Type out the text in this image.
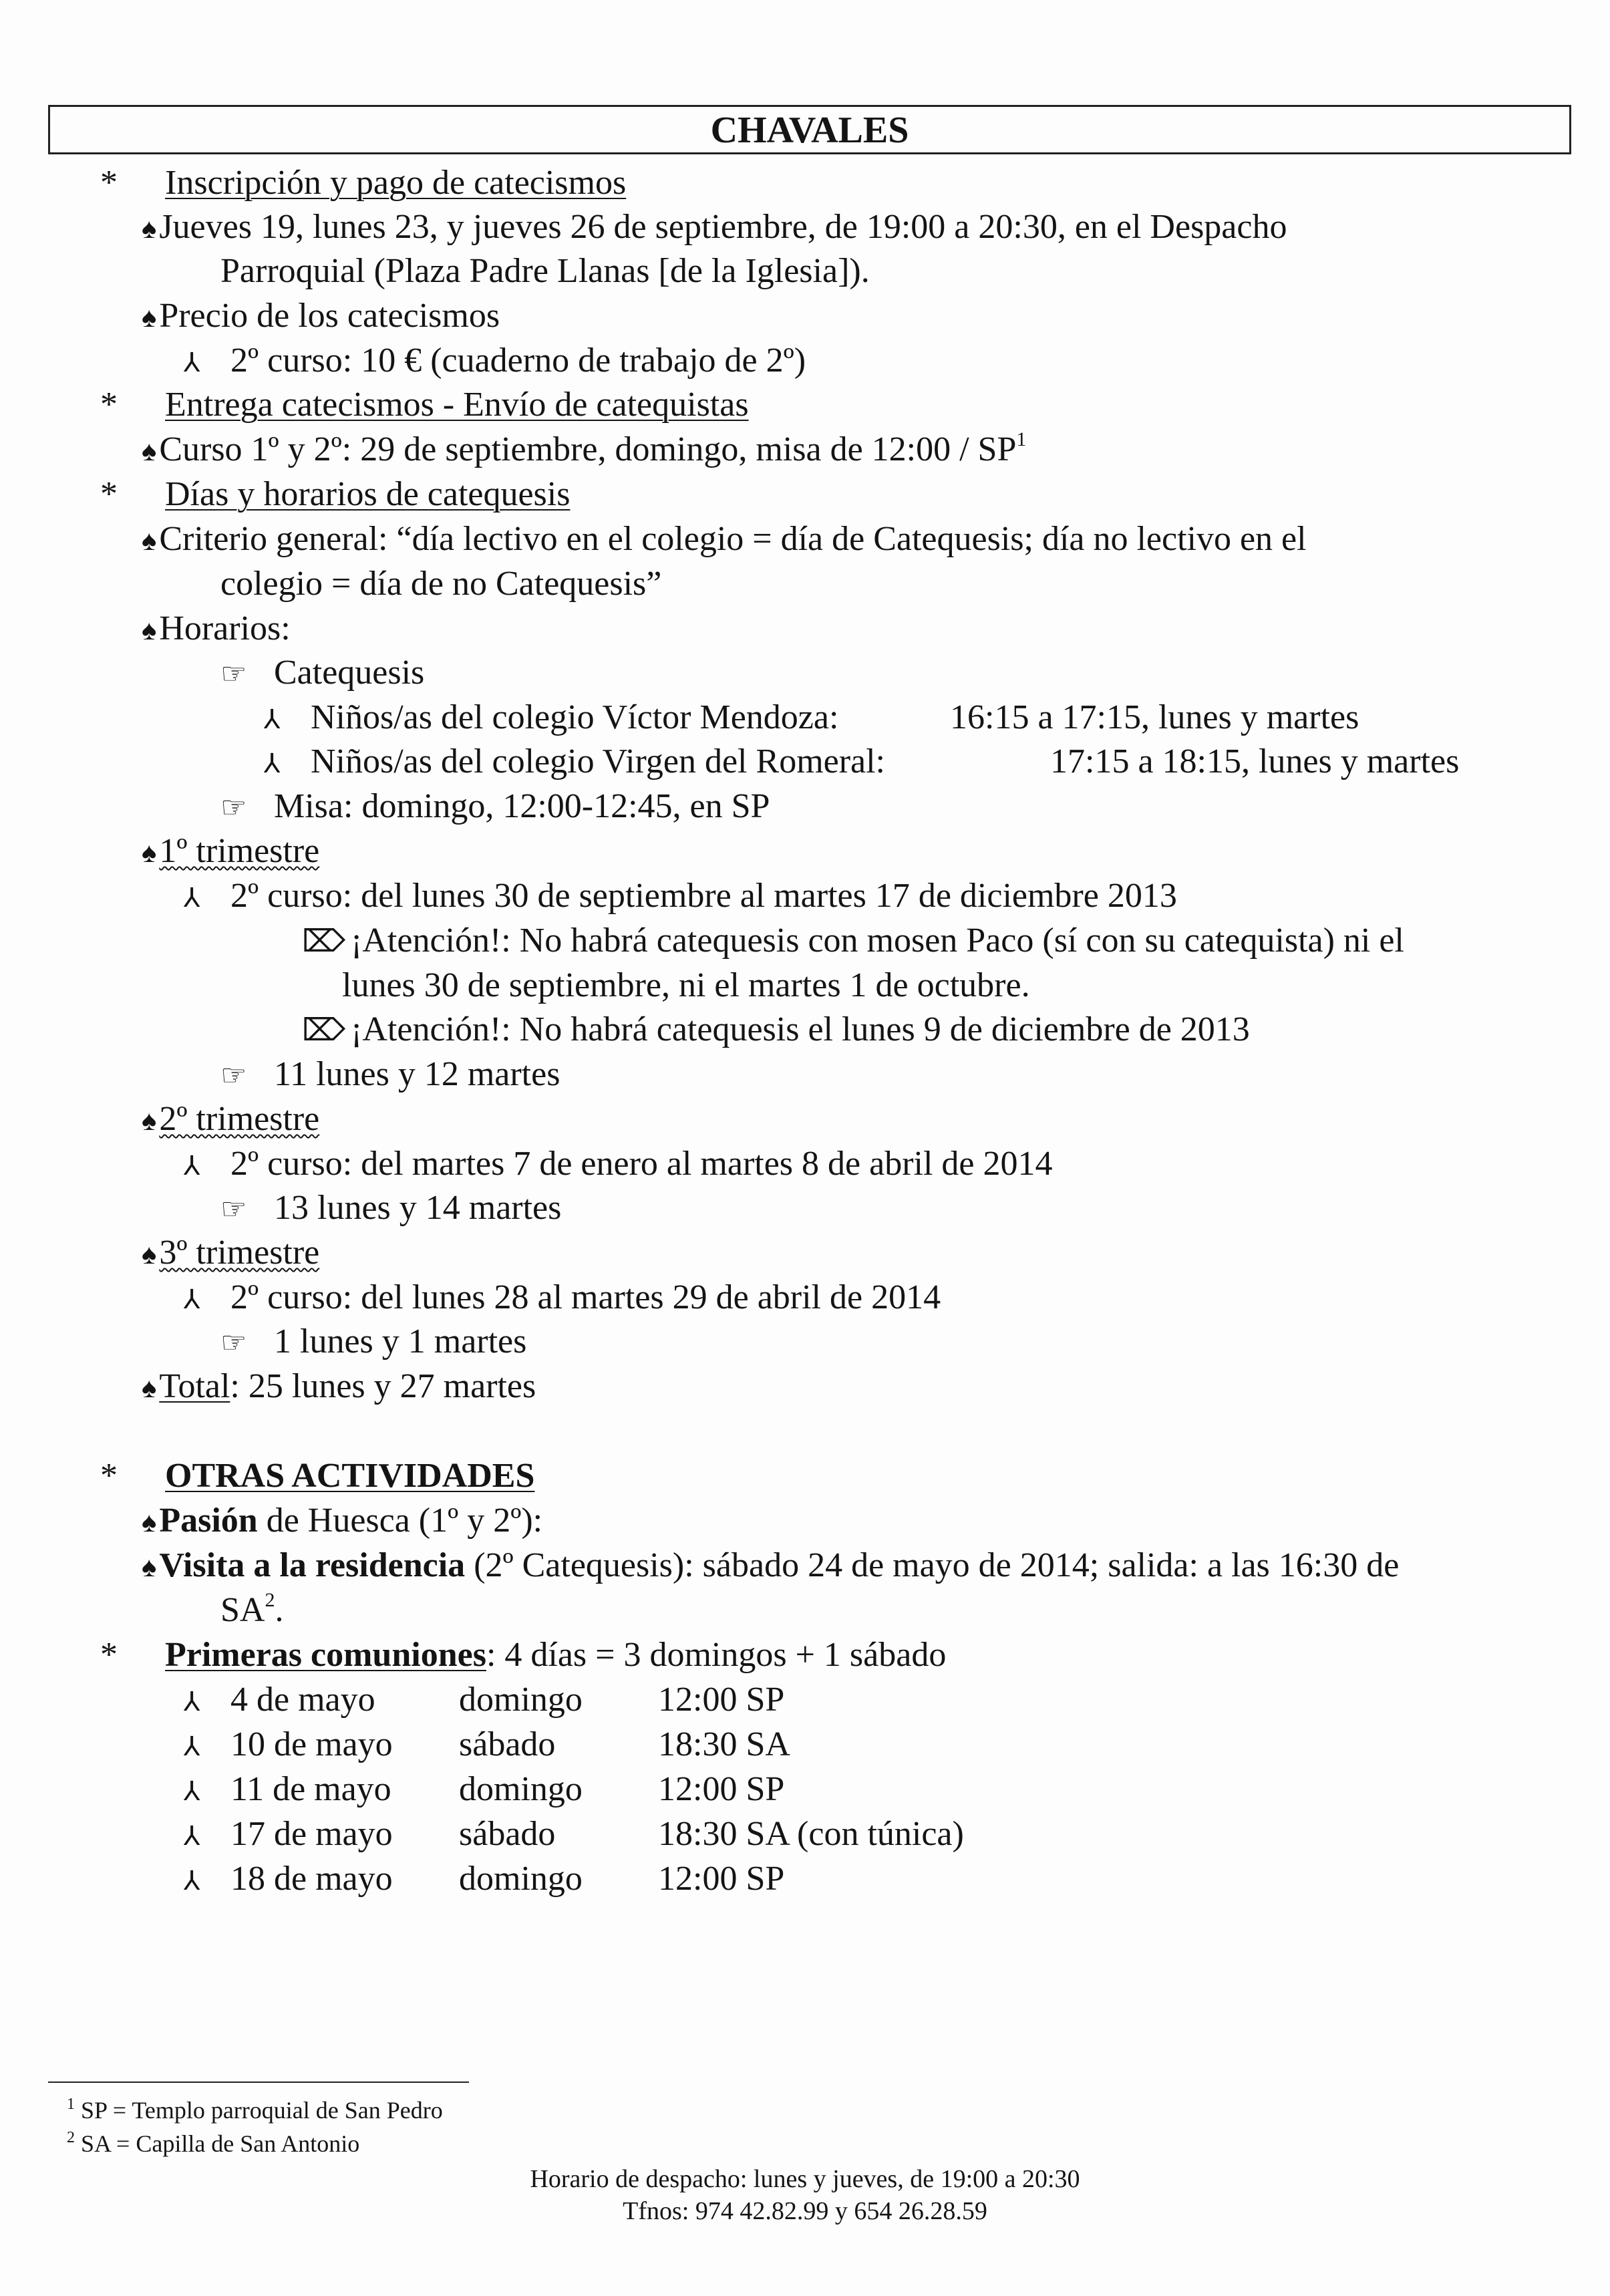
CHAVALES
* Inscripción y pago de catecismos
♠Jueves 19, lunes 23, y jueves 26 de septiembre, de 19:00 a 20:30, en el Despacho
Parroquial (Plaza Padre Llanas [de la Iglesia]).
♠Precio de los catecismos
⅄ 2º curso: 10 € (cuaderno de trabajo de 2º)
* Entrega catecismos - Envío de catequistas
♠Curso 1º y 2º: 29 de septiembre, domingo, misa de 12:00 / $SP^1$
* Días y horarios de catequesis
♠Criterio general: “día lectivo en el colegio = día de Catequesis; día no lectivo en el
colegio = día de no Catequesis”
♠Horarios:
☞ Catequesis
⅄ Niños/as del colegio Víctor Mendoza:	16:15 a 17:15, lunes y martes
⅄ Niños/as del colegio Virgen del Romeral:	17:15 a 18:15, lunes y martes
☞ Misa: domingo, 12:00-12:45, en SP
♠1º trimestre
⅄ 2º curso: del lunes 30 de septiembre al martes 17 de diciembre 2013
⌦ ¡Atención!: No habrá catequesis con mosen Paco (sí con su catequista) ni el
lunes 30 de septiembre, ni el martes 1 de octubre.
⌦ ¡Atención!: No habrá catequesis el lunes 9 de diciembre de 2013
☞ 11 lunes y 12 martes
♠2º trimestre
⅄ 2º curso: del martes 7 de enero al martes 8 de abril de 2014
☞ 13 lunes y 14 martes
♠3º trimestre
⅄ 2º curso: del lunes 28 al martes 29 de abril de 2014
☞ 1 lunes y 1 martes
♠Total: 25 lunes y 27 martes
* OTRAS ACTIVIDADES
♠Pasión de Huesca (1º y 2º):
♠Visita a la residencia (2º Catequesis): sábado 24 de mayo de 2014; salida: a las 16:30 de
$SA^2$.
* Primeras comuniones: 4 días = 3 domingos + 1 sábado
⅄ 4 de mayo domingo 12:00 SP
⅄ 10 de mayo sábado	18:30 SA
⅄ 11 de mayo domingo 12:00 SP
⅄ 17 de mayo sábado	18:30 SA (con túnica)
⅄ 18 de mayo domingo 12:00 SP
$^1$ SP = Templo parroquial de San Pedro
$^2$ SA = Capilla de San Antonio
Horario de despacho: lunes y jueves, de 19:00 a 20:30
Tfnos: 974 42.82.99 y 654 26.28.59
